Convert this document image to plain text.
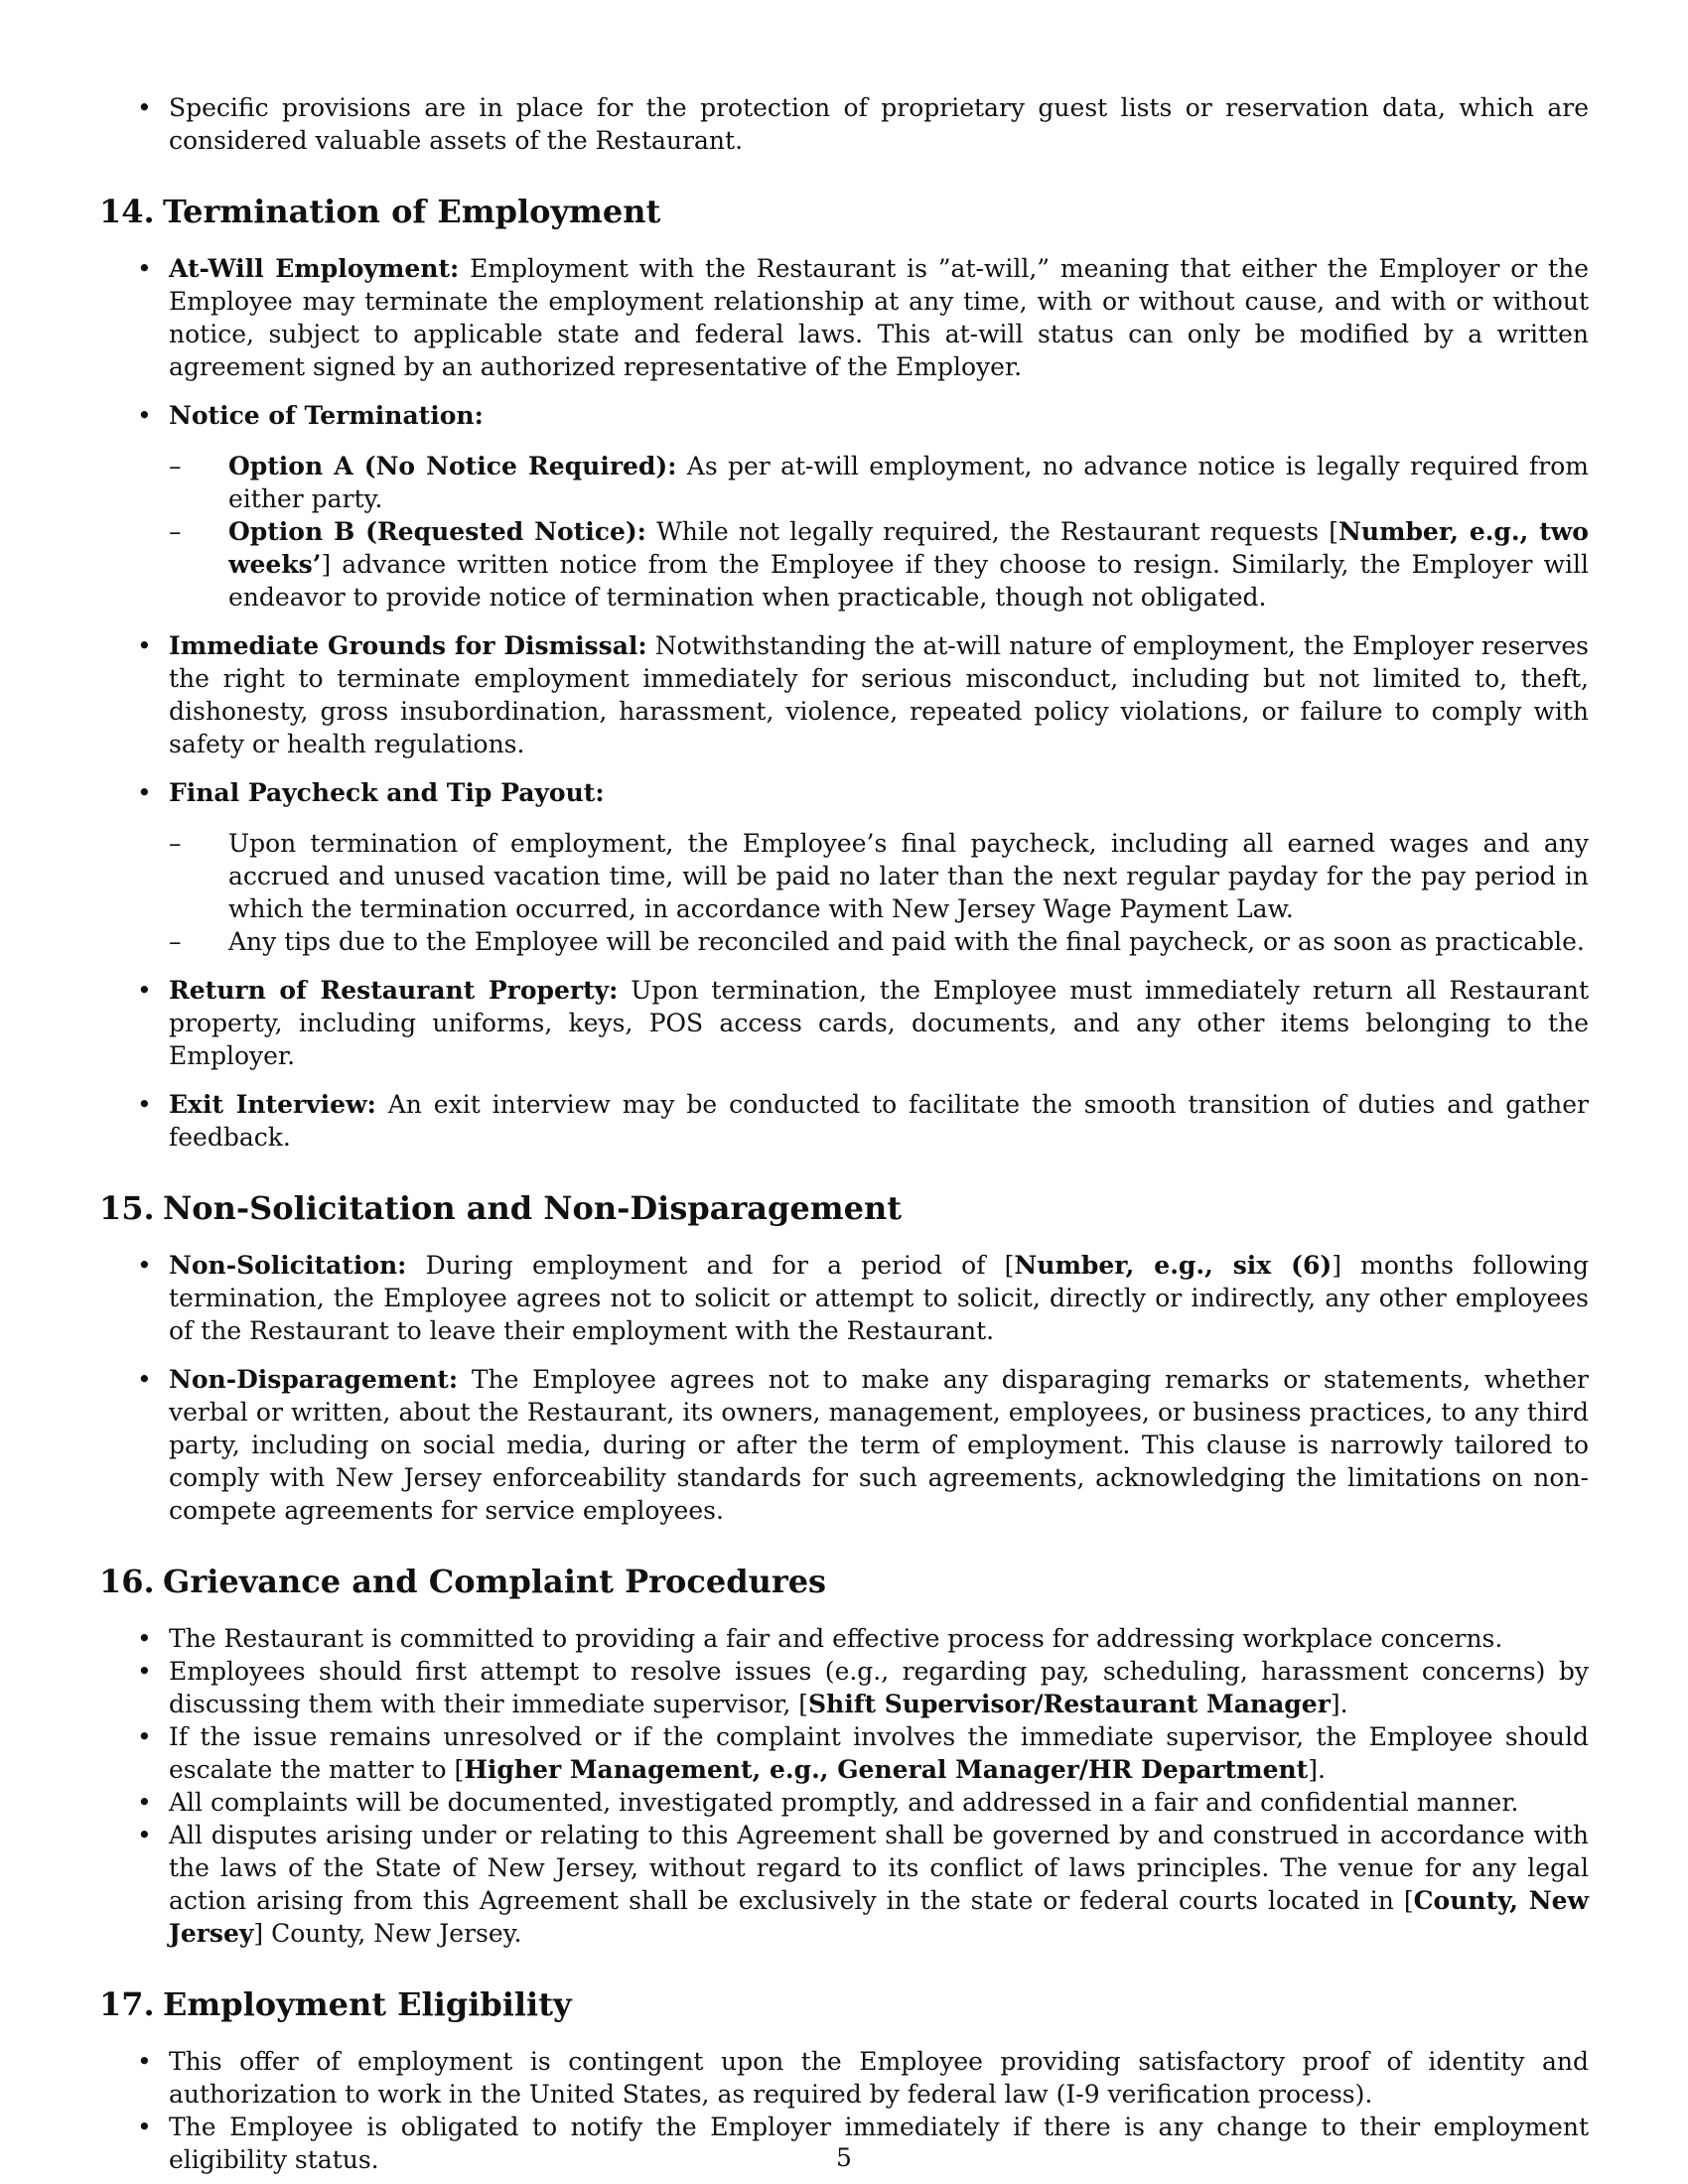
• Specific provisions are in place for the protection of proprietary guest lists or reservation data, which are considered valuable assets of the Restaurant.
14. Termination of Employment
• At-Will Employment: Employment with the Restaurant is ”at-will,” meaning that either the Employer or the Employee may terminate the employment relationship at any time, with or without cause, and with or without notice, subject to applicable state and federal laws. This at-will status can only be modified by a written agreement signed by an authorized representative of the Employer.
• Notice of Termination:
– Option A (No Notice Required): As per at-will employment, no advance notice is legally required from either party.
– Option B (Requested Notice): While not legally required, the Restaurant requests [Number, e.g., two weeks’] advance written notice from the Employee if they choose to resign. Similarly, the Employer will endeavor to provide notice of termination when practicable, though not obligated.
• Immediate Grounds for Dismissal: Notwithstanding the at-will nature of employment, the Employer reserves the right to terminate employment immediately for serious misconduct, including but not limited to, theft, dishonesty, gross insubordination, harassment, violence, repeated policy violations, or failure to comply with safety or health regulations.
• Final Paycheck and Tip Payout:
– Upon termination of employment, the Employee’s final paycheck, including all earned wages and any accrued and unused vacation time, will be paid no later than the next regular payday for the pay period in which the termination occurred, in accordance with New Jersey Wage Payment Law.
– Any tips due to the Employee will be reconciled and paid with the final paycheck, or as soon as practicable.
• Return of Restaurant Property: Upon termination, the Employee must immediately return all Restaurant property, including uniforms, keys, POS access cards, documents, and any other items belonging to the Employer.
• Exit Interview: An exit interview may be conducted to facilitate the smooth transition of duties and gather feedback.
15. Non-Solicitation and Non-Disparagement
• Non-Solicitation: During employment and for a period of [Number, e.g., six (6)] months following termination, the Employee agrees not to solicit or attempt to solicit, directly or indirectly, any other employees of the Restaurant to leave their employment with the Restaurant.
• Non-Disparagement: The Employee agrees not to make any disparaging remarks or statements, whether verbal or written, about the Restaurant, its owners, management, employees, or business practices, to any third party, including on social media, during or after the term of employment. This clause is narrowly tailored to comply with New Jersey enforceability standards for such agreements, acknowledging the limitations on non-compete agreements for service employees.
16. Grievance and Complaint Procedures
• The Restaurant is committed to providing a fair and effective process for addressing workplace concerns.
• Employees should first attempt to resolve issues (e.g., regarding pay, scheduling, harassment concerns) by discussing them with their immediate supervisor, [Shift Supervisor/Restaurant Manager].
• If the issue remains unresolved or if the complaint involves the immediate supervisor, the Employee should escalate the matter to [Higher Management, e.g., General Manager/HR Department].
• All complaints will be documented, investigated promptly, and addressed in a fair and confidential manner.
• All disputes arising under or relating to this Agreement shall be governed by and construed in accordance with the laws of the State of New Jersey, without regard to its conflict of laws principles. The venue for any legal action arising from this Agreement shall be exclusively in the state or federal courts located in [County, New Jersey] County, New Jersey.
17. Employment Eligibility
• This offer of employment is contingent upon the Employee providing satisfactory proof of identity and authorization to work in the United States, as required by federal law (I-9 verification process).
• The Employee is obligated to notify the Employer immediately if there is any change to their employment eligibility status.	5
